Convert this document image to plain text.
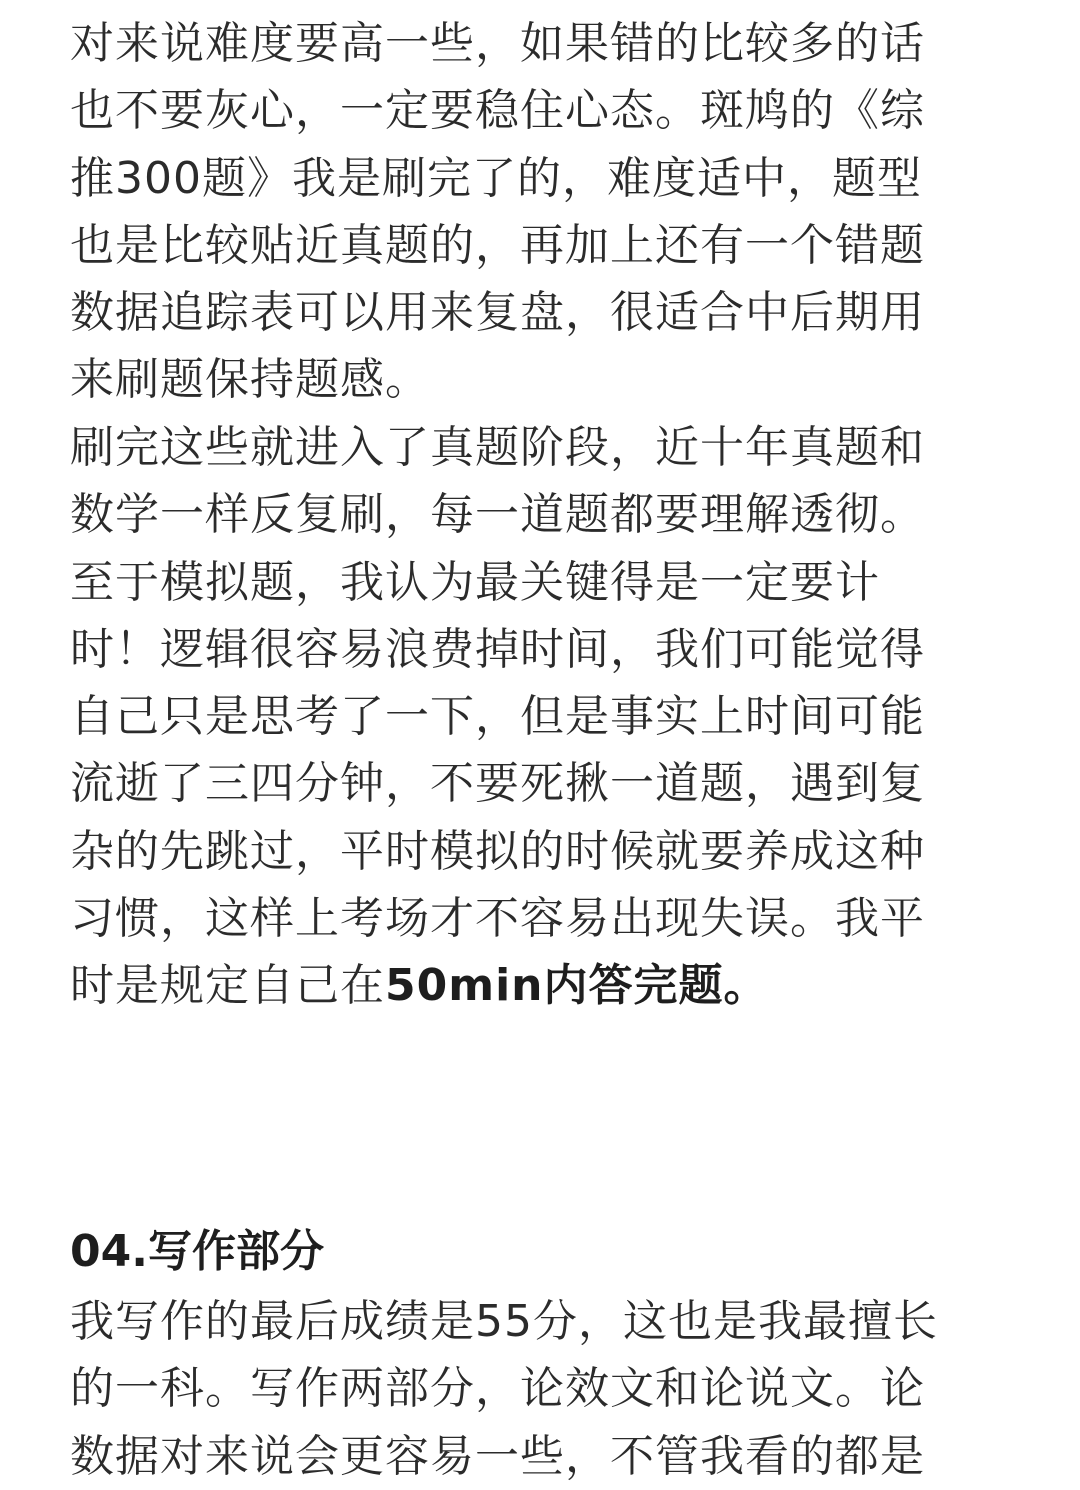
对来说难度要高一些，如果错的比较多的话
也不要灰心，一定要稳住心态。斑鸠的《综
推300题》我是刷完了的，难度适中，题型
也是比较贴近真题的，再加上还有一个错题
数据追踪表可以用来复盘，很适合中后期用
来刷题保持题感。
刷完这些就进入了真题阶段，近十年真题和
数学一样反复刷，每一道题都要理解透彻。
至于模拟题，我认为最关键得是一定要计
时！逻辑很容易浪费掉时间，我们可能觉得
自己只是思考了一下，但是事实上时间可能
流逝了三四分钟，不要死揪一道题，遇到复
杂的先跳过，平时模拟的时候就要养成这种
习惯，这样上考场才不容易出现失误。我平
时是规定自己在50min内答完题。
04.写作部分
我写作的最后成绩是55分，这也是我最擅长
的一科。写作两部分，论效文和论说文。论
数据对来说会更容易一些，不管我看的都是
